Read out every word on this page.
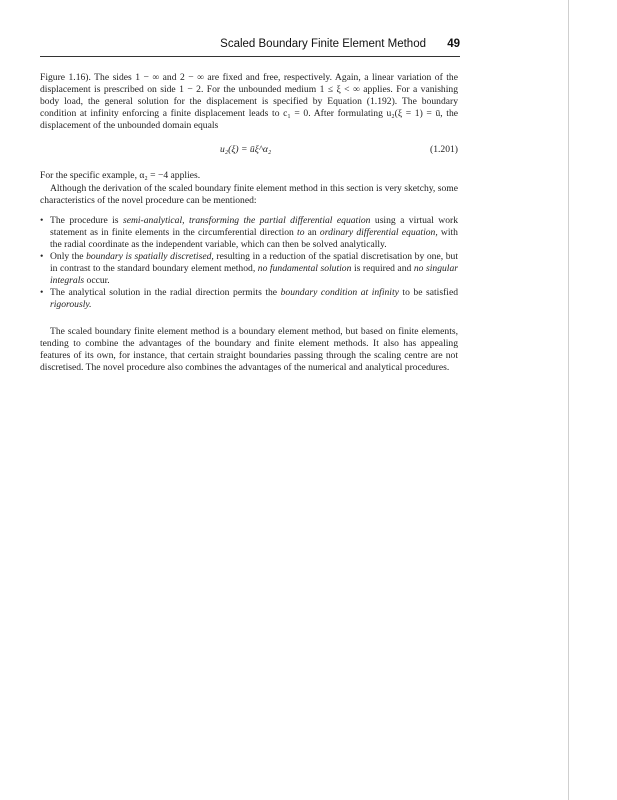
Scaled Boundary Finite Element Method 49

Figure 1.16). The sides 1 − ∞ and 2 − ∞ are fixed and free, respectively. Again, a linear variation of the displacement is prescribed on side 1 − 2. For the unbounded medium 1 ≤ ξ < ∞ applies. For a vanishing body load, the general solution for the displacement is specified by Equation (1.192). The boundary condition at infinity enforcing a finite displacement leads to c₁ = 0. After formulating u₂(ξ = 1) = ū, the displacement of the unbounded domain equals

u₂(ξ) = ūξ^α₂	(1.201)

For the specific example, α₂ = −4 applies.

Although the derivation of the scaled boundary finite element method in this section is very sketchy, some characteristics of the novel procedure can be mentioned:

• The procedure is semi-analytical, transforming the partial differential equation using a virtual work statement as in finite elements in the circumferential direction to an ordinary differential equation, with the radial coordinate as the independent variable, which can then be solved analytically.
• Only the boundary is spatially discretised, resulting in a reduction of the spatial discretisation by one, but in contrast to the standard boundary element method, no fundamental solution is required and no singular integrals occur.
• The analytical solution in the radial direction permits the boundary condition at infinity to be satisfied rigorously.

The scaled boundary finite element method is a boundary element method, but based on finite elements, tending to combine the advantages of the boundary and finite element methods. It also has appealing features of its own, for instance, that certain straight boundaries passing through the scaling centre are not discretised. The novel procedure also combines the advantages of the numerical and analytical procedures.
